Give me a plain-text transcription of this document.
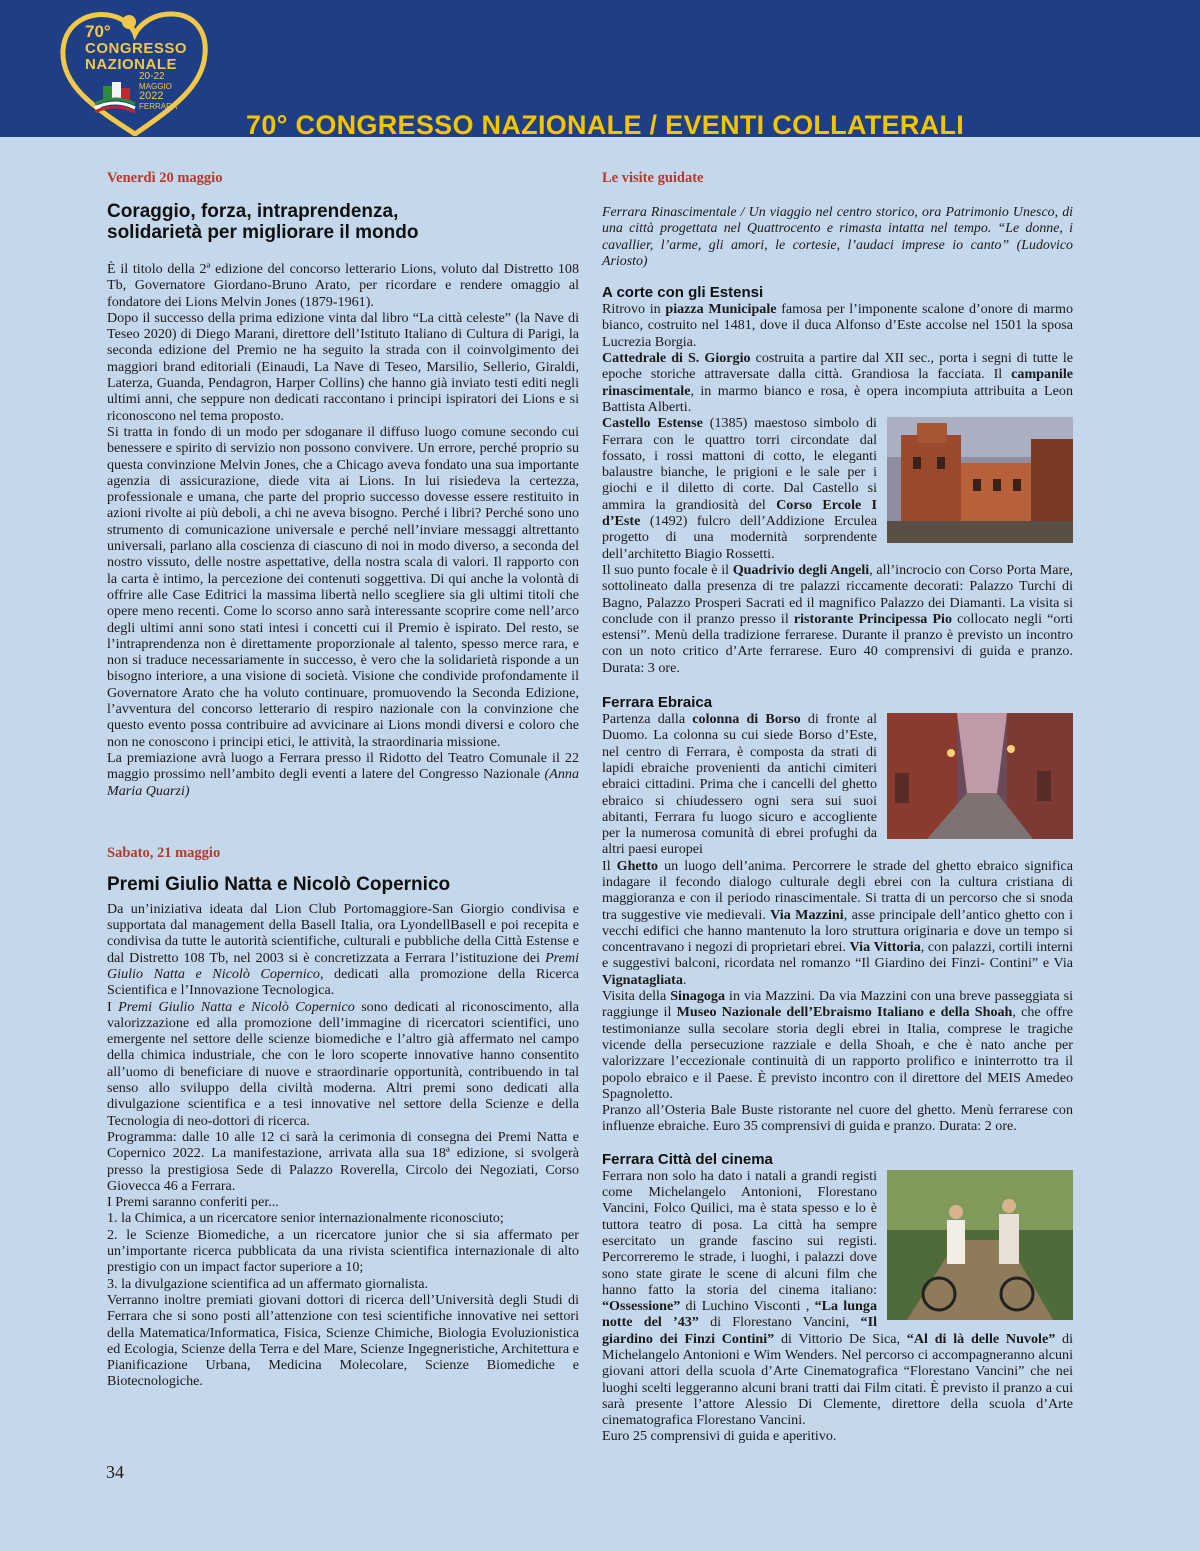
70°
CONGRESSO
NAZIONALE
20-22
MAGGIO
2022
FERRARA
70° CONGRESSO NAZIONALE / EVENTI COLLATERALI
Venerdì 20 maggio
Coraggio, forza, intraprendenza,
solidarietà per migliorare il mondo

È il titolo della 2ª edizione del concorso letterario Lions, voluto dal Distretto 108 Tb, Governatore Giordano-Bruno Arato, per ricordare e rendere omaggio al fondatore dei Lions Melvin Jones (1879-1961).

Dopo il successo della prima edizione vinta dal libro “La città celeste” (la Nave di Teseo 2020) di Diego Marani, direttore dell’Istituto Italiano di Cultura di Parigi, la seconda edizione del Premio ne ha seguito la strada con il coinvolgimento dei maggiori brand editoriali (Einaudi, La Nave di Teseo, Marsilio, Sellerio, Giraldi, Laterza, Guanda, Pendagron, Harper Collins) che hanno già inviato testi editi negli ultimi anni, che seppure non dedicati raccontano i principi ispiratori dei Lions e si riconoscono nel tema proposto.

Si tratta in fondo di un modo per sdoganare il diffuso luogo comune secondo cui benessere e spirito di servizio non possono convivere. Un errore, perché proprio su questa convinzione Melvin Jones, che a Chicago aveva fondato una sua importante agenzia di assicurazione, diede vita ai Lions. In lui risiedeva la certezza, professionale e umana, che parte del proprio successo dovesse essere restituito in azioni rivolte ai più deboli, a chi ne aveva bisogno. Perché i libri? Perché sono uno strumento di comunicazione universale e perché nell’inviare messaggi altrettanto universali, parlano alla coscienza di ciascuno di noi in modo diverso, a seconda del nostro vissuto, delle nostre aspettative, della nostra scala di valori. Il rapporto con la carta è intimo, la percezione dei contenuti soggettiva. Di qui anche la volontà di offrire alle Case Editrici la massima libertà nello scegliere sia gli ultimi titoli che opere meno recenti. Come lo scorso anno sarà interessante scoprire come nell’arco degli ultimi anni sono stati intesi i concetti cui il Premio è ispirato. Del resto, se l’intraprendenza non è direttamente proporzionale al talento, spesso merce rara, e non si traduce necessariamente in successo, è vero che la solidarietà risponde a un bisogno interiore, a una visione di società. Visione che condivide profondamente il Governatore Arato che ha voluto continuare, promuovendo la Seconda Edizione, l’avventura del concorso letterario di respiro nazionale con la convinzione che questo evento possa contribuire ad avvicinare ai Lions mondi diversi e coloro che non ne conoscono i principi etici, le attività, la straordinaria missione.

La premiazione avrà luogo a Ferrara presso il Ridotto del Teatro Comunale il 22 maggio prossimo nell’ambito degli eventi a latere del Congresso Nazionale (Anna Maria Quarzi)

Sabato, 21 maggio
Premi Giulio Natta e Nicolò Copernico

Da un’iniziativa ideata dal Lion Club Portomaggiore-San Giorgio condivisa e supportata dal management della Basell Italia, ora LyondellBasell e poi recepita e condivisa da tutte le autorità scientifiche, culturali e pubbliche della Città Estense e dal Distretto 108 Tb, nel 2003 si è concretizzata a Ferrara l’istituzione dei Premi Giulio Natta e Nicolò Copernico, dedicati alla promozione della Ricerca Scientifica e l’Innovazione Tecnologica.

I Premi Giulio Natta e Nicolò Copernico sono dedicati al riconoscimento, alla valorizzazione ed alla promozione dell’immagine di ricercatori scientifici, uno emergente nel settore delle scienze biomediche e l’altro già affermato nel campo della chimica industriale, che con le loro scoperte innovative hanno consentito all’uomo di beneficiare di nuove e straordinarie opportunità, contribuendo in tal senso allo sviluppo della civiltà moderna. Altri premi sono dedicati alla divulgazione scientifica e a tesi innovative nel settore della Scienze e della Tecnologia di neo-dottori di ricerca.

Programma: dalle 10 alle 12 ci sarà la cerimonia di consegna dei Premi Natta e Copernico 2022. La manifestazione, arrivata alla sua 18ª edizione, si svolgerà presso la prestigiosa Sede di Palazzo Roverella, Circolo dei Negoziati, Corso Giovecca 46 a Ferrara.

I Premi saranno conferiti per...

1. la Chimica, a un ricercatore senior internazionalmente riconosciuto;

2. le Scienze Biomediche, a un ricercatore junior che si sia affermato per un’importante ricerca pubblicata da una rivista scientifica internazionale di alto prestigio con un impact factor superiore a 10;

3. la divulgazione scientifica ad un affermato giornalista.

Verranno inoltre premiati giovani dottori di ricerca dell’Università degli Studi di Ferrara che si sono posti all’attenzione con tesi scientifiche innovative nei settori della Matematica/Informatica, Fisica, Scienze Chimiche, Biologia Evoluzionistica ed Ecologia, Scienze della Terra e del Mare, Scienze Ingegneristiche, Architettura e Pianificazione Urbana, Medicina Molecolare, Scienze Biomediche e Biotecnologiche.

Le visite guidate

Ferrara Rinascimentale / Un viaggio nel centro storico, ora Patrimonio Unesco, di una città progettata nel Quattrocento e rimasta intatta nel tempo. “Le donne, i cavallier, l’arme, gli amori, le cortesie, l’audaci imprese io canto” (Ludovico Ariosto)

A corte con gli Estensi

Ritrovo in piazza Municipale famosa per l’imponente scalone d’onore di marmo bianco, costruito nel 1481, dove il duca Alfonso d’Este accolse nel 1501 la sposa Lucrezia Borgia.

Cattedrale di S. Giorgio costruita a partire dal XII sec., porta i segni di tutte le epoche storiche attraversate dalla città. Grandiosa la facciata. Il campanile rinascimentale, in marmo bianco e rosa, è opera incompiuta attribuita a Leon Battista Alberti.

Castello Estense (1385) maestoso simbolo di Ferrara con le quattro torri circondate dal fossato, i rossi mattoni di cotto, le eleganti balaustre bianche, le prigioni e le sale per i giochi e il diletto di corte. Dal Castello si ammira la grandiosità del Corso Ercole I d’Este (1492) fulcro dell’Addizione Erculea progetto di una modernità sorprendente dell’architetto Biagio Rossetti.

Il suo punto focale è il Quadrivio degli Angeli, all’incrocio con Corso Porta Mare, sottolineato dalla presenza di tre palazzi riccamente decorati: Palazzo Turchi di Bagno, Palazzo Prosperi Sacrati ed il magnifico Palazzo dei Diamanti. La visita si conclude con il pranzo presso il ristorante Principessa Pio collocato negli “orti estensi”. Menù della tradizione ferrarese. Durante il pranzo è previsto un incontro con un noto critico d’Arte ferrarese. Euro 40 comprensivi di guida e pranzo. Durata: 3 ore.

Ferrara Ebraica

Partenza dalla colonna di Borso di fronte al Duomo. La colonna su cui siede Borso d’Este, nel centro di Ferrara, è composta da strati di lapidi ebraiche provenienti da antichi cimiteri ebraici cittadini. Prima che i cancelli del ghetto ebraico si chiudessero ogni sera sui suoi abitanti, Ferrara fu luogo sicuro e accogliente per la numerosa comunità di ebrei profughi da altri paesi europei

Il Ghetto un luogo dell’anima. Percorrere le strade del ghetto ebraico significa indagare il fecondo dialogo culturale degli ebrei con la cultura cristiana di maggioranza e con il periodo rinascimentale. Si tratta di un percorso che si snoda tra suggestive vie medievali. Via Mazzini, asse principale dell’antico ghetto con i vecchi edifici che hanno mantenuto la loro struttura originaria e dove un tempo si concentravano i negozi di proprietari ebrei. Via Vittoria, con palazzi, cortili interni e suggestivi balconi, ricordata nel romanzo “Il Giardino dei Finzi- Contini” e Via Vignatagliata.

Visita della Sinagoga in via Mazzini. Da via Mazzini con una breve passeggiata si raggiunge il Museo Nazionale dell’Ebraismo Italiano e della Shoah, che offre testimonianze sulla secolare storia degli ebrei in Italia, comprese le tragiche vicende della persecuzione razziale e della Shoah, e che è nato anche per valorizzare l’eccezionale continuità di un rapporto prolifico e ininterrotto tra il popolo ebraico e il Paese. È previsto incontro con il direttore del MEIS Amedeo Spagnoletto.

Pranzo all’Osteria Bale Buste ristorante nel cuore del ghetto. Menù ferrarese con influenze ebraiche. Euro 35 comprensivi di guida e pranzo. Durata: 2 ore.

Ferrara Città del cinema

Ferrara non solo ha dato i natali a grandi registi come Michelangelo Antonioni, Florestano Vancini, Folco Quilici, ma è stata spesso e lo è tuttora teatro di posa. La città ha sempre esercitato un grande fascino sui registi. Percorreremo le strade, i luoghi, i palazzi dove sono state girate le scene di alcuni film che hanno fatto la storia del cinema italiano: “Ossessione” di Luchino Visconti , “La lunga notte del ’43” di Florestano Vancini, “Il giardino dei Finzi Contini” di Vittorio De Sica, “Al di là delle Nuvole” di Michelangelo Antonioni e Wim Wenders. Nel percorso ci accompagneranno alcuni giovani attori della scuola d’Arte Cinematografica “Florestano Vancini” che nei luoghi scelti leggeranno alcuni brani tratti dai Film citati. È previsto il pranzo a cui sarà presente l’attore Alessio Di Clemente, direttore della scuola d’Arte cinematografica Florestano Vancini.

Euro 25 comprensivi di guida e aperitivo.

34
